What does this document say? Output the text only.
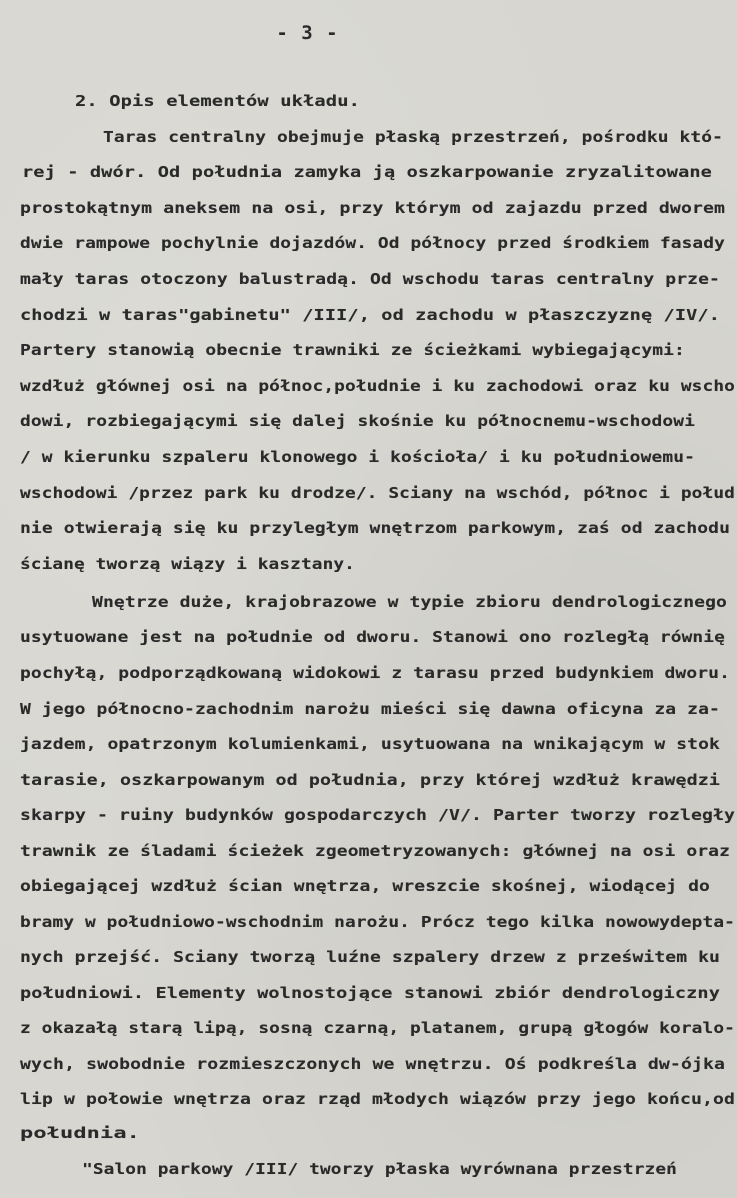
- 3 -
2. Opis elementów układu.
Taras centralny obejmuje płaską przestrzeń, pośrodku któ-
rej - dwór. Od południa zamyka ją oszkarpowanie zryzalitowane
prostokątnym aneksem na osi, przy którym od zajazdu przed dworem
dwie rampowe pochylnie dojazdów. Od północy przed środkiem fasady
mały taras otoczony balustradą. Od wschodu taras centralny prze-
chodzi w taras"gabinetu" /III/, od zachodu w płaszczyznę /IV/.
Partery stanowią obecnie trawniki ze ścieżkami wybiegającymi:
wzdłuż głównej osi na północ,południe i ku zachodowi oraz ku wscho
dowi, rozbiegającymi się dalej skośnie ku północnemu-wschodowi
/ w kierunku szpaleru klonowego i kościoła/ i ku południowemu-
wschodowi /przez park ku drodze/. Sciany na wschód, północ i połud
nie otwierają się ku przyległym wnętrzom parkowym, zaś od zachodu
ścianę tworzą wiązy i kasztany.
Wnętrze duże, krajobrazowe w typie zbioru dendrologicznego
usytuowane jest na południe od dworu. Stanowi ono rozległą równię
pochyłą, podporządkowaną widokowi z tarasu przed budynkiem dworu.
W jego północno-zachodnim narożu mieści się dawna oficyna za za-
jazdem, opatrzonym kolumienkami, usytuowana na wnikającym w stok
tarasie, oszkarpowanym od południa, przy której wzdłuż krawędzi
skarpy - ruiny budynków gospodarczych /V/. Parter tworzy rozległy
trawnik ze śladami ścieżek zgeometryzowanych: głównej na osi oraz
obiegającej wzdłuż ścian wnętrza, wreszcie skośnej, wiodącej do
bramy w południowo-wschodnim narożu. Prócz tego kilka nowowydepta-
nych przejść. Sciany tworzą luźne szpalery drzew z prześwitem ku
południowi. Elementy wolnostojące stanowi zbiór dendrologiczny
z okazałą starą lipą, sosną czarną, platanem, grupą głogów koralo-
wych, swobodnie rozmieszczonych we wnętrzu. Oś podkreśla dw-ójka
lip w połowie wnętrza oraz rząd młodych wiązów przy jego końcu,od
południa.
"Salon parkowy /III/ tworzy płaska wyrównana przestrzeń
